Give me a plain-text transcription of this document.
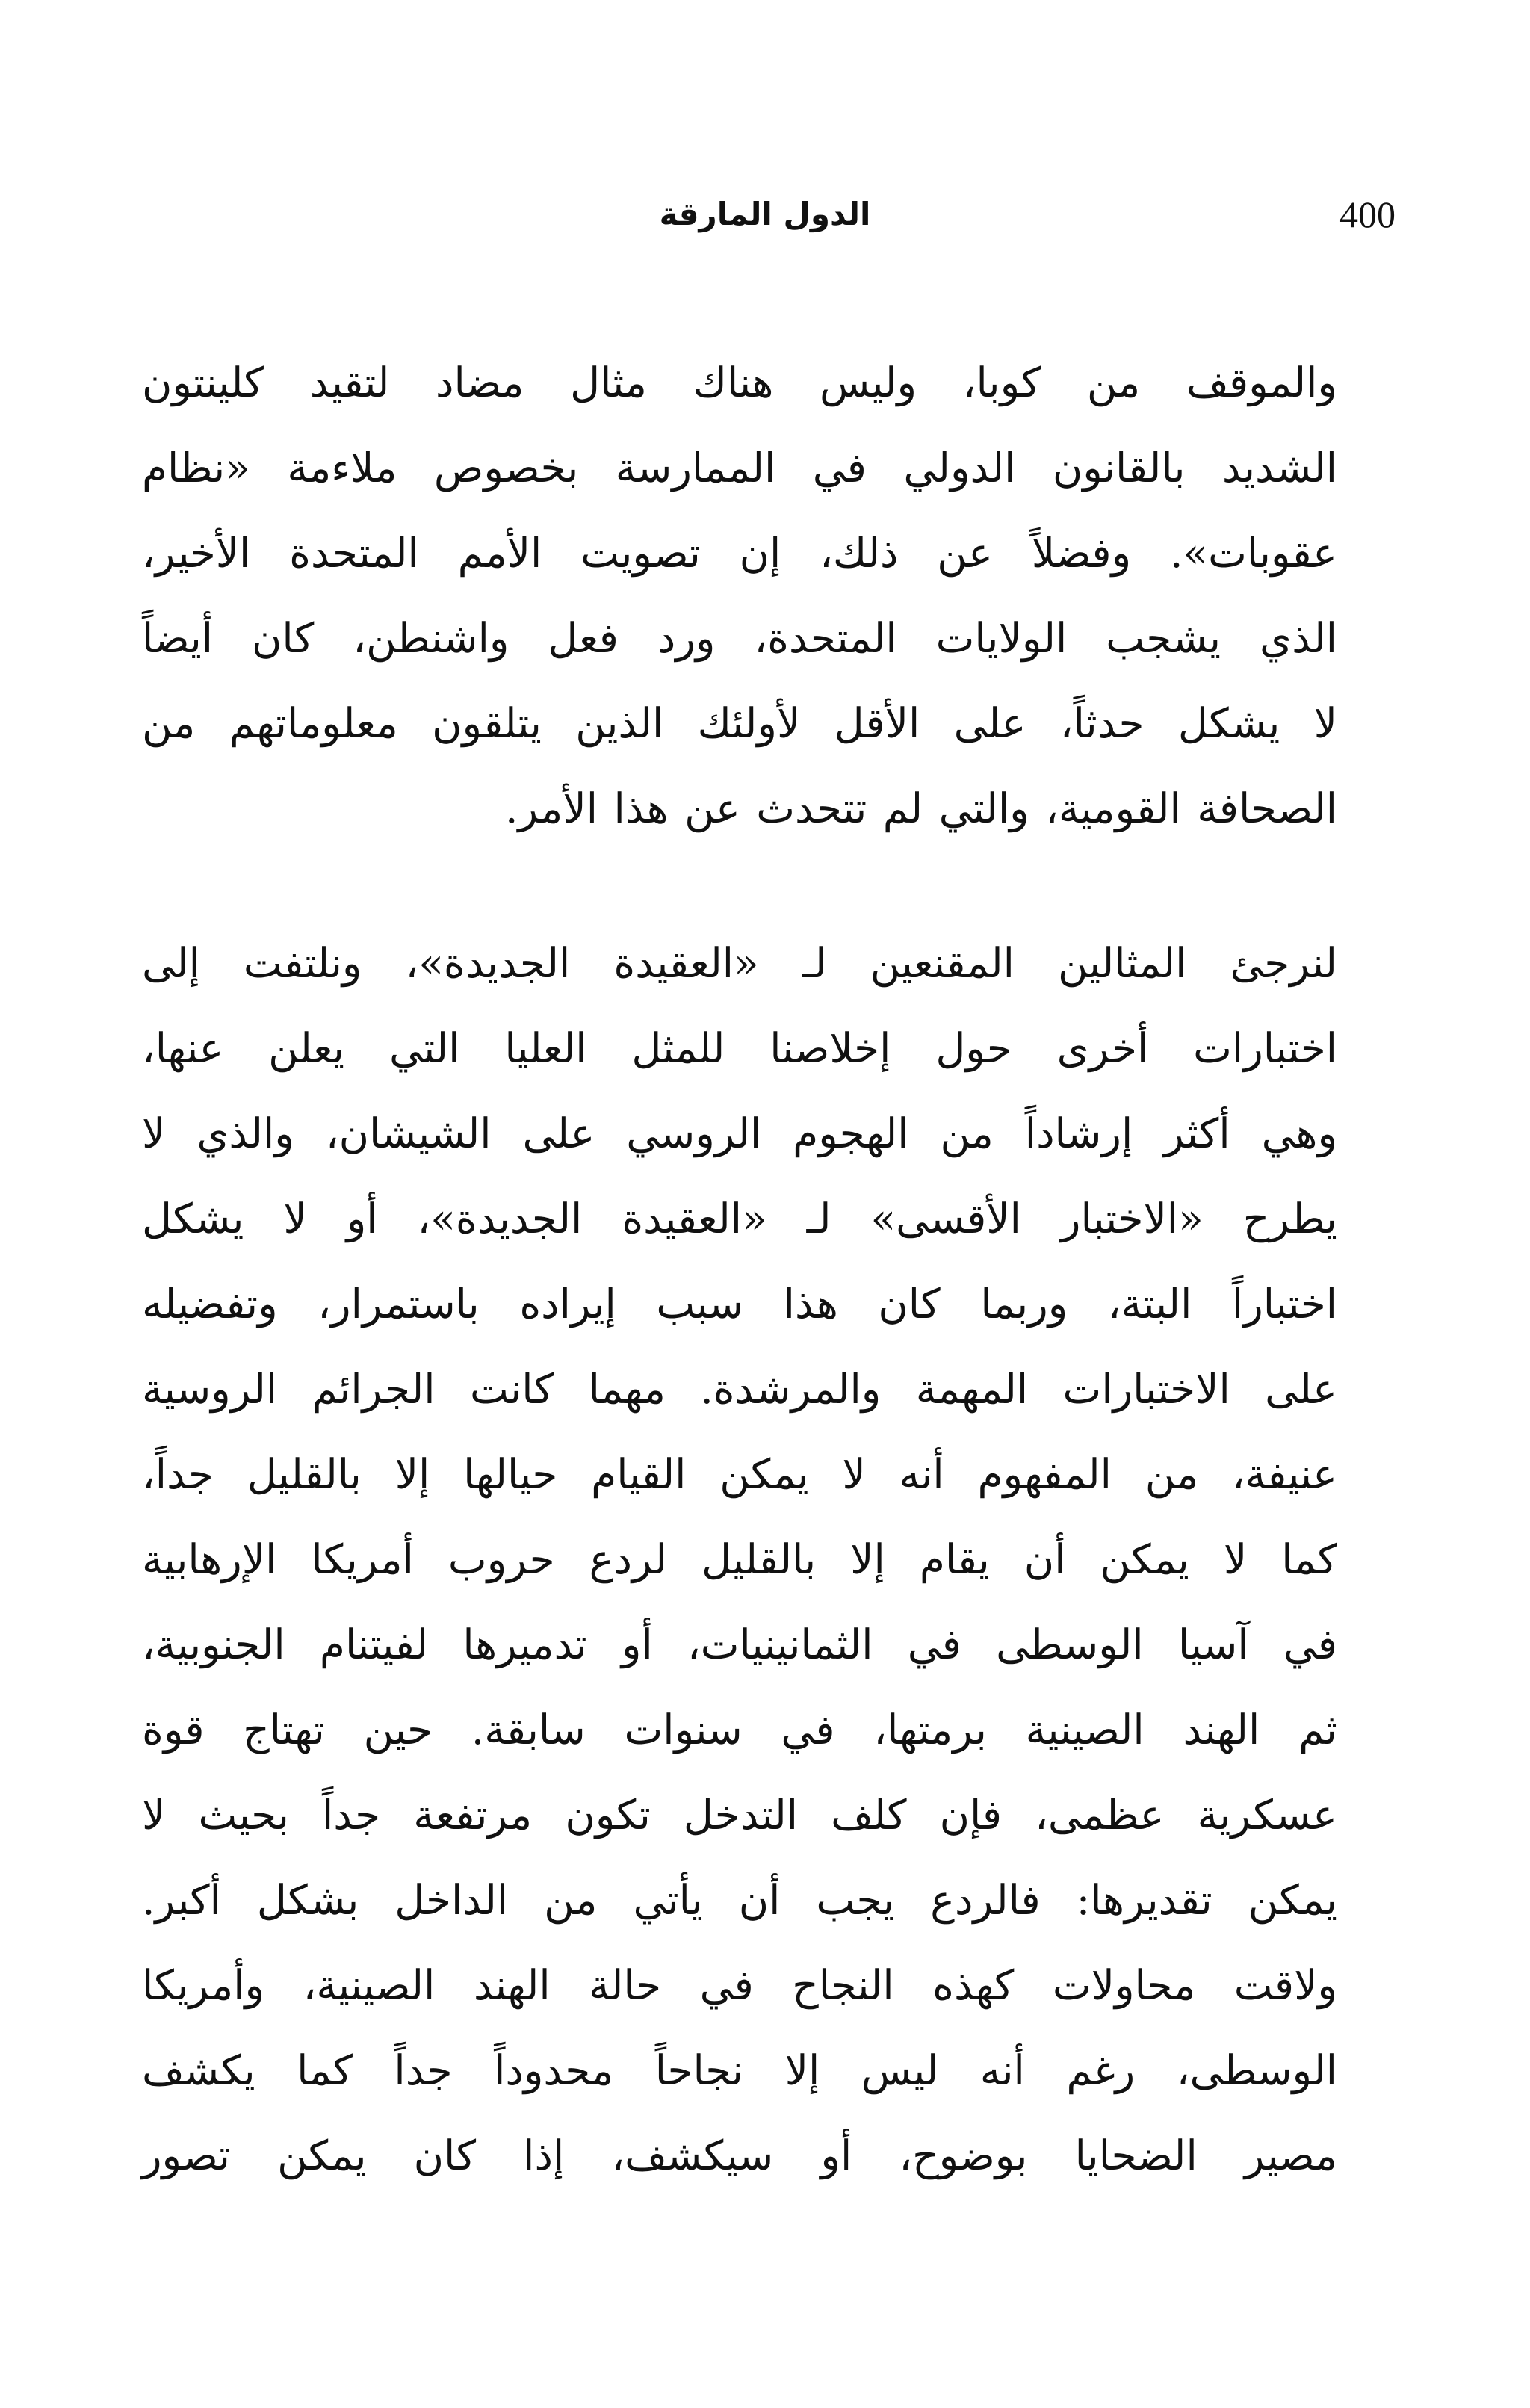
400
الدول المارقة
والموقف من كوبا، وليس هناك مثال مضاد لتقيد كلينتون
الشديد بالقانون الدولي في الممارسة بخصوص ملاءمة «نظام
عقوبات». وفضلاً عن ذلك، إن تصويت الأمم المتحدة الأخير،
الذي يشجب الولايات المتحدة، ورد فعل واشنطن، كان أيضاً
لا يشكل حدثاً، على الأقل لأولئك الذين يتلقون معلوماتهم من
الصحافة القومية، والتي لم تتحدث عن هذا الأمر.
لنرجئ المثالين المقنعين لـ «العقيدة الجديدة»، ونلتفت إلى
اختبارات أخرى حول إخلاصنا للمثل العليا التي يعلن عنها،
وهي أكثر إرشاداً من الهجوم الروسي على الشيشان، والذي لا
يطرح «الاختبار الأقسى» لـ «العقيدة الجديدة»، أو لا يشكل
اختباراً البتة، وربما كان هذا سبب إيراده باستمرار، وتفضيله
على الاختبارات المهمة والمرشدة. مهما كانت الجرائم الروسية
عنيفة، من المفهوم أنه لا يمكن القيام حيالها إلا بالقليل جداً،
كما لا يمكن أن يقام إلا بالقليل لردع حروب أمريكا الإرهابية
في آسيا الوسطى في الثمانينيات، أو تدميرها لفيتنام الجنوبية،
ثم الهند الصينية برمتها، في سنوات سابقة. حين تهتاج قوة
عسكرية عظمى، فإن كلف التدخل تكون مرتفعة جداً بحيث لا
يمكن تقديرها: فالردع يجب أن يأتي من الداخل بشكل أكبر.
ولاقت محاولات كهذه النجاح في حالة الهند الصينية، وأمريكا
الوسطى، رغم أنه ليس إلا نجاحاً محدوداً جداً كما يكشف
مصير الضحايا بوضوح، أو سيكشف، إذا كان يمكن تصور
